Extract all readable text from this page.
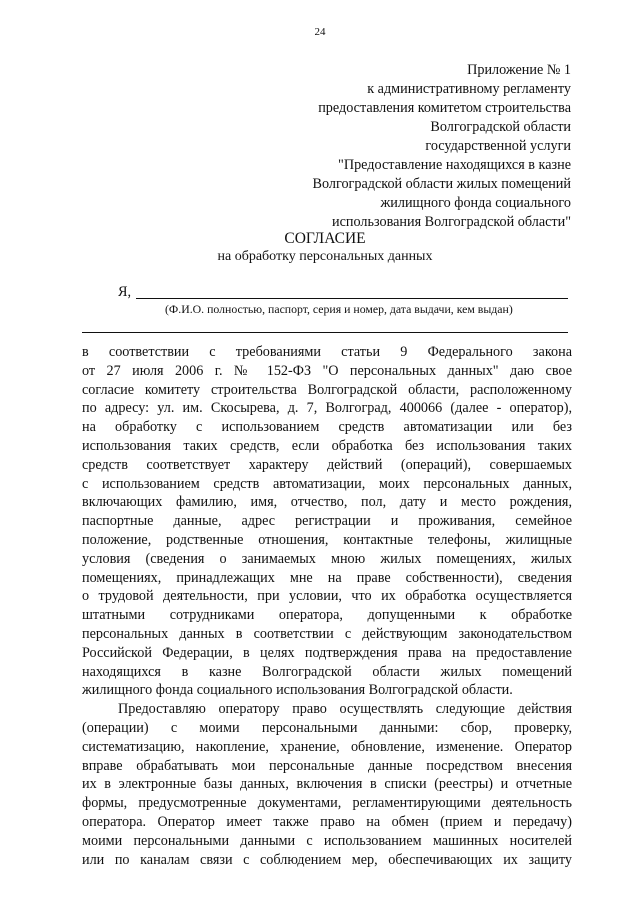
24
Приложение № 1
к административному регламенту
предоставления комитетом строительства
Волгоградской области
государственной услуги
"Предоставление находящихся в казне
Волгоградской области жилых помещений
жилищного фонда социального
использования Волгоградской области"
СОГЛАСИЕ
на обработку персональных данных
Я,
(Ф.И.О. полностью, паспорт, серия и номер, дата выдачи, кем выдан)
в соответствии с требованиями статьи 9 Федерального закона
от 27 июля 2006 г. № 152-ФЗ "О персональных данных" даю свое
согласие комитету строительства Волгоградской области, расположенному
по адресу: ул. им. Скосырева, д. 7, Волгоград, 400066 (далее - оператор),
на обработку с использованием средств автоматизации или без
использования таких средств, если обработка без использования таких
средств соответствует характеру действий (операций), совершаемых
с использованием средств автоматизации, моих персональных данных,
включающих фамилию, имя, отчество, пол, дату и место рождения,
паспортные данные, адрес регистрации и проживания, семейное
положение, родственные отношения, контактные телефоны, жилищные
условия (сведения о занимаемых мною жилых помещениях, жилых
помещениях, принадлежащих мне на праве собственности), сведения
о трудовой деятельности, при условии, что их обработка осуществляется
штатными сотрудниками оператора, допущенными к обработке
персональных данных в соответствии с действующим законодательством
Российской Федерации, в целях подтверждения права на предоставление
находящихся в казне Волгоградской области жилых помещений
жилищного фонда социального использования Волгоградской области.
Предоставляю оператору право осуществлять следующие действия
(операции) с моими персональными данными: сбор, проверку,
систематизацию, накопление, хранение, обновление, изменение. Оператор
вправе обрабатывать мои персональные данные посредством внесения
их в электронные базы данных, включения в списки (реестры) и отчетные
формы, предусмотренные документами, регламентирующими деятельность
оператора. Оператор имеет также право на обмен (прием и передачу)
моими персональными данными с использованием машинных носителей
или по каналам связи с соблюдением мер, обеспечивающих их защиту
